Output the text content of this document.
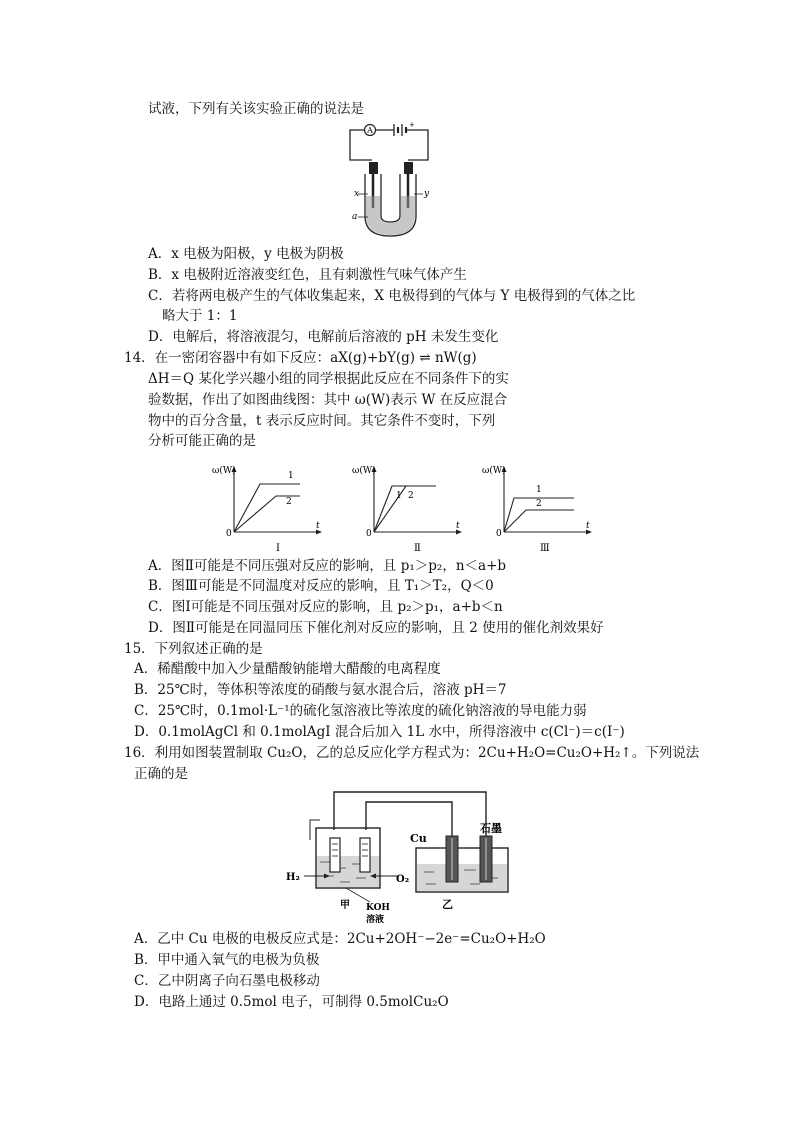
试液，下列有关该实验正确的说法是
A
+
x	y
a
A．x 电极为阳极，y 电极为阴极
B．x 电极附近溶液变红色，且有刺激性气味气体产生
C．若将两电极产生的气体收集起来，X 电极得到的气体与 Y 电极得到的气体之比
略大于 1：1
D．电解后，将溶液混匀，电解前后溶液的 pH 未发生变化
14．在一密闭容器中有如下反应：aX(g)+bY(g) ⇌ nW(g)
ΔH＝Q 某化学兴趣小组的同学根据此反应在不同条件下的实
验数据，作出了如图曲线图：其中 ω(W)表示 W 在反应混合
物中的百分含量，t 表示反应时间。其它条件不变时，下列
分析可能正确的是
ω(W)
t
0
1
2
Ⅰ
ω(W)
t
0
1 2
Ⅱ
ω(W)
t
0
1
2
Ⅲ
A．图Ⅱ可能是不同压强对反应的影响，且 p₁＞p₂，n＜a+b
B．图Ⅲ可能是不同温度对反应的影响，且 T₁＞T₂，Q＜0
C．图Ⅰ可能是不同压强对反应的影响，且 p₂＞p₁，a+b＜n
D．图Ⅱ可能是在同温同压下催化剂对反应的影响，且 2 使用的催化剂效果好
15．下列叙述正确的是
A．稀醋酸中加入少量醋酸钠能增大醋酸的电离程度
B．25℃时，等体积等浓度的硝酸与氨水混合后，溶液 pH＝7
C．25℃时，0.1mol·L⁻¹的硫化氢溶液比等浓度的硫化钠溶液的导电能力弱
D．0.1molAgCl 和 0.1molAgI 混合后加入 1L 水中，所得溶液中 c(Cl⁻)＝c(I⁻)
16．利用如图装置制取 Cu₂O，乙的总反应化学方程式为：2Cu+H₂O=Cu₂O+H₂↑。下列说法
正确的是
H₂	O₂
甲 KOH
溶液
Cu
石墨
乙
A．乙中 Cu 电极的电极反应式是：2Cu+2OH⁻−2e⁻=Cu₂O+H₂O
B．甲中通入氧气的电极为负极
C．乙中阴离子向石墨电极移动
D．电路上通过 0.5mol 电子，可制得 0.5molCu₂O
